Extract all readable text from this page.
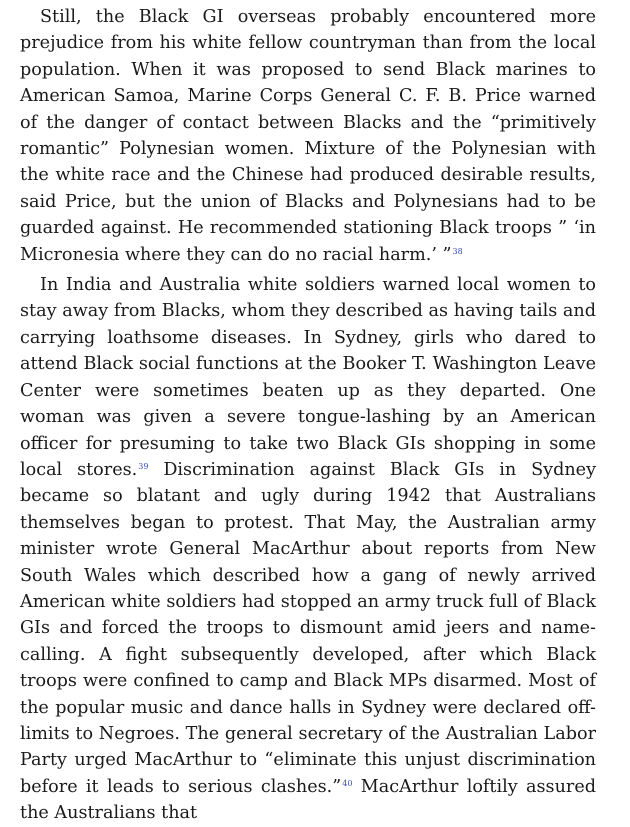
Still, the Black GI overseas probably encountered more prejudice from his white fellow countryman than from the local population. When it was proposed to send Black marines to American Samoa, Marine Corps General C. F. B. Price warned of the danger of contact between Blacks and the “primitively romantic” Polynesian women. Mixture of the Polynesian with the white race and the Chinese had produced desirable results, said Price, but the union of Blacks and Polynesians had to be guarded against. He recommended stationing Black troops ” ‘in Micronesia where they can do no racial harm.’ ”$^{38}$

In India and Australia white soldiers warned local women to stay away from Blacks, whom they described as having tails and carrying loathsome diseases. In Sydney, girls who dared to attend Black social functions at the Booker T. Washington Leave Center were sometimes beaten up as they departed. One woman was given a severe tongue-lashing by an American officer for presuming to take two Black GIs shopping in some local stores.$^{39}$ Discrimination against Black GIs in Sydney became so blatant and ugly during 1942 that Australians themselves began to protest. That May, the Australian army minister wrote General MacArthur about reports from New South Wales which described how a gang of newly arrived American white soldiers had stopped an army truck full of Black GIs and forced the troops to dismount amid jeers and name-calling. A fight subsequently developed, after which Black troops were confined to camp and Black MPs disarmed. Most of the popular music and dance halls in Sydney were declared off-limits to Negroes. The general secretary of the Australian Labor Party urged MacArthur to “eliminate this unjust discrimination before it leads to serious clashes.”$^{40}$ MacArthur loftily assured the Australians that
